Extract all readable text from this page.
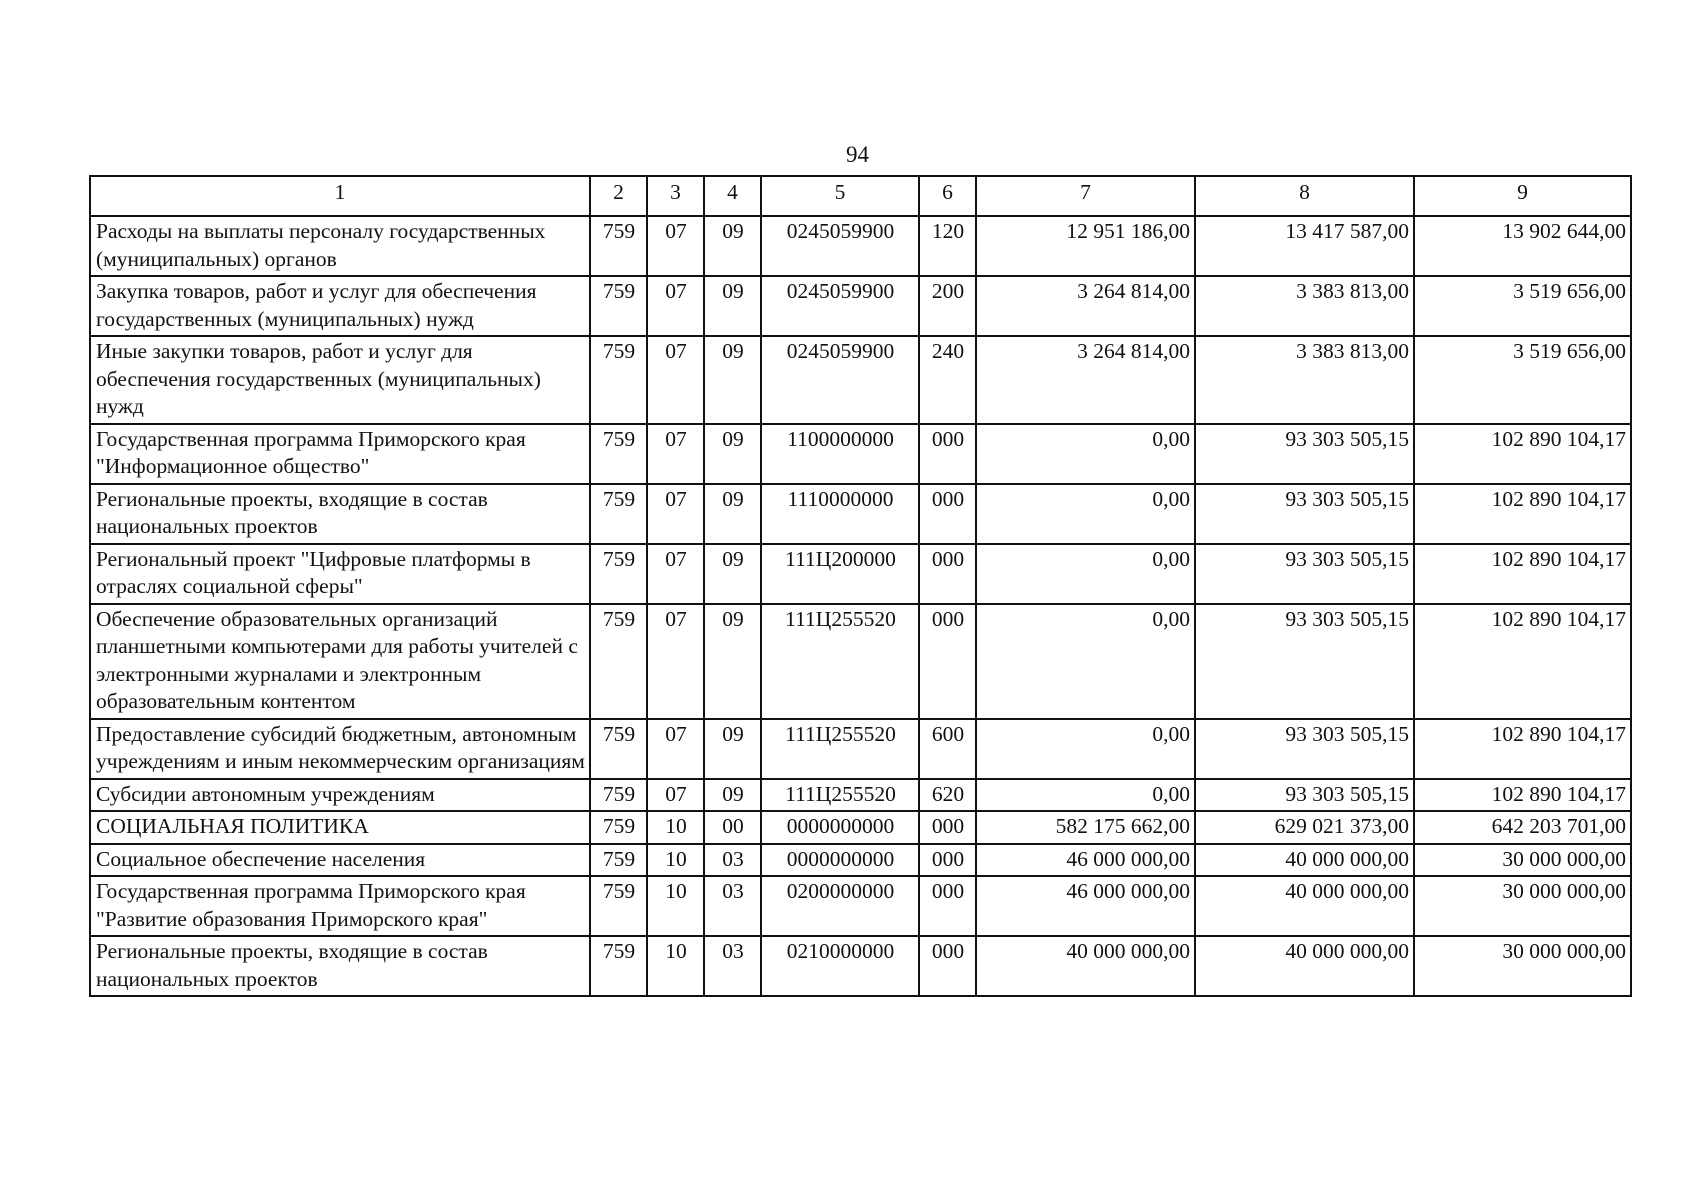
94
1	2	3	4	5	6	7	8	9
Расходы на выплаты персоналу государственных (муниципальных) органов	759	07	09	0245059900	120	12 951 186,00	13 417 587,00	13 902 644,00
Закупка товаров, работ и услуг для обеспечения государственных (муниципальных) нужд	759	07	09	0245059900	200	3 264 814,00	3 383 813,00	3 519 656,00
Иные закупки товаров, работ и услуг для обеспечения государственных (муниципальных) нужд	759	07	09	0245059900	240	3 264 814,00	3 383 813,00	3 519 656,00
Государственная программа Приморского края "Информационное общество"	759	07	09	1100000000	000	0,00	93 303 505,15	102 890 104,17
Региональные проекты, входящие в состав национальных проектов	759	07	09	1110000000	000	0,00	93 303 505,15	102 890 104,17
Региональный проект "Цифровые платформы в отраслях социальной сферы"	759	07	09	111Ц200000	000	0,00	93 303 505,15	102 890 104,17
Обеспечение образовательных организаций планшетными компьютерами для работы учителей с электронными журналами и электронным образовательным контентом	759	07	09	111Ц255520	000	0,00	93 303 505,15	102 890 104,17
Предоставление субсидий бюджетным, автономным учреждениям и иным некоммерческим организациям	759	07	09	111Ц255520	600	0,00	93 303 505,15	102 890 104,17
Субсидии автономным учреждениям	759	07	09	111Ц255520	620	0,00	93 303 505,15	102 890 104,17
СОЦИАЛЬНАЯ ПОЛИТИКА	759	10	00	0000000000	000	582 175 662,00	629 021 373,00	642 203 701,00
Социальное обеспечение населения	759	10	03	0000000000	000	46 000 000,00	40 000 000,00	30 000 000,00
Государственная программа Приморского края "Развитие образования Приморского края"	759	10	03	0200000000	000	46 000 000,00	40 000 000,00	30 000 000,00
Региональные проекты, входящие в состав национальных проектов	759	10	03	0210000000	000	40 000 000,00	40 000 000,00	30 000 000,00
